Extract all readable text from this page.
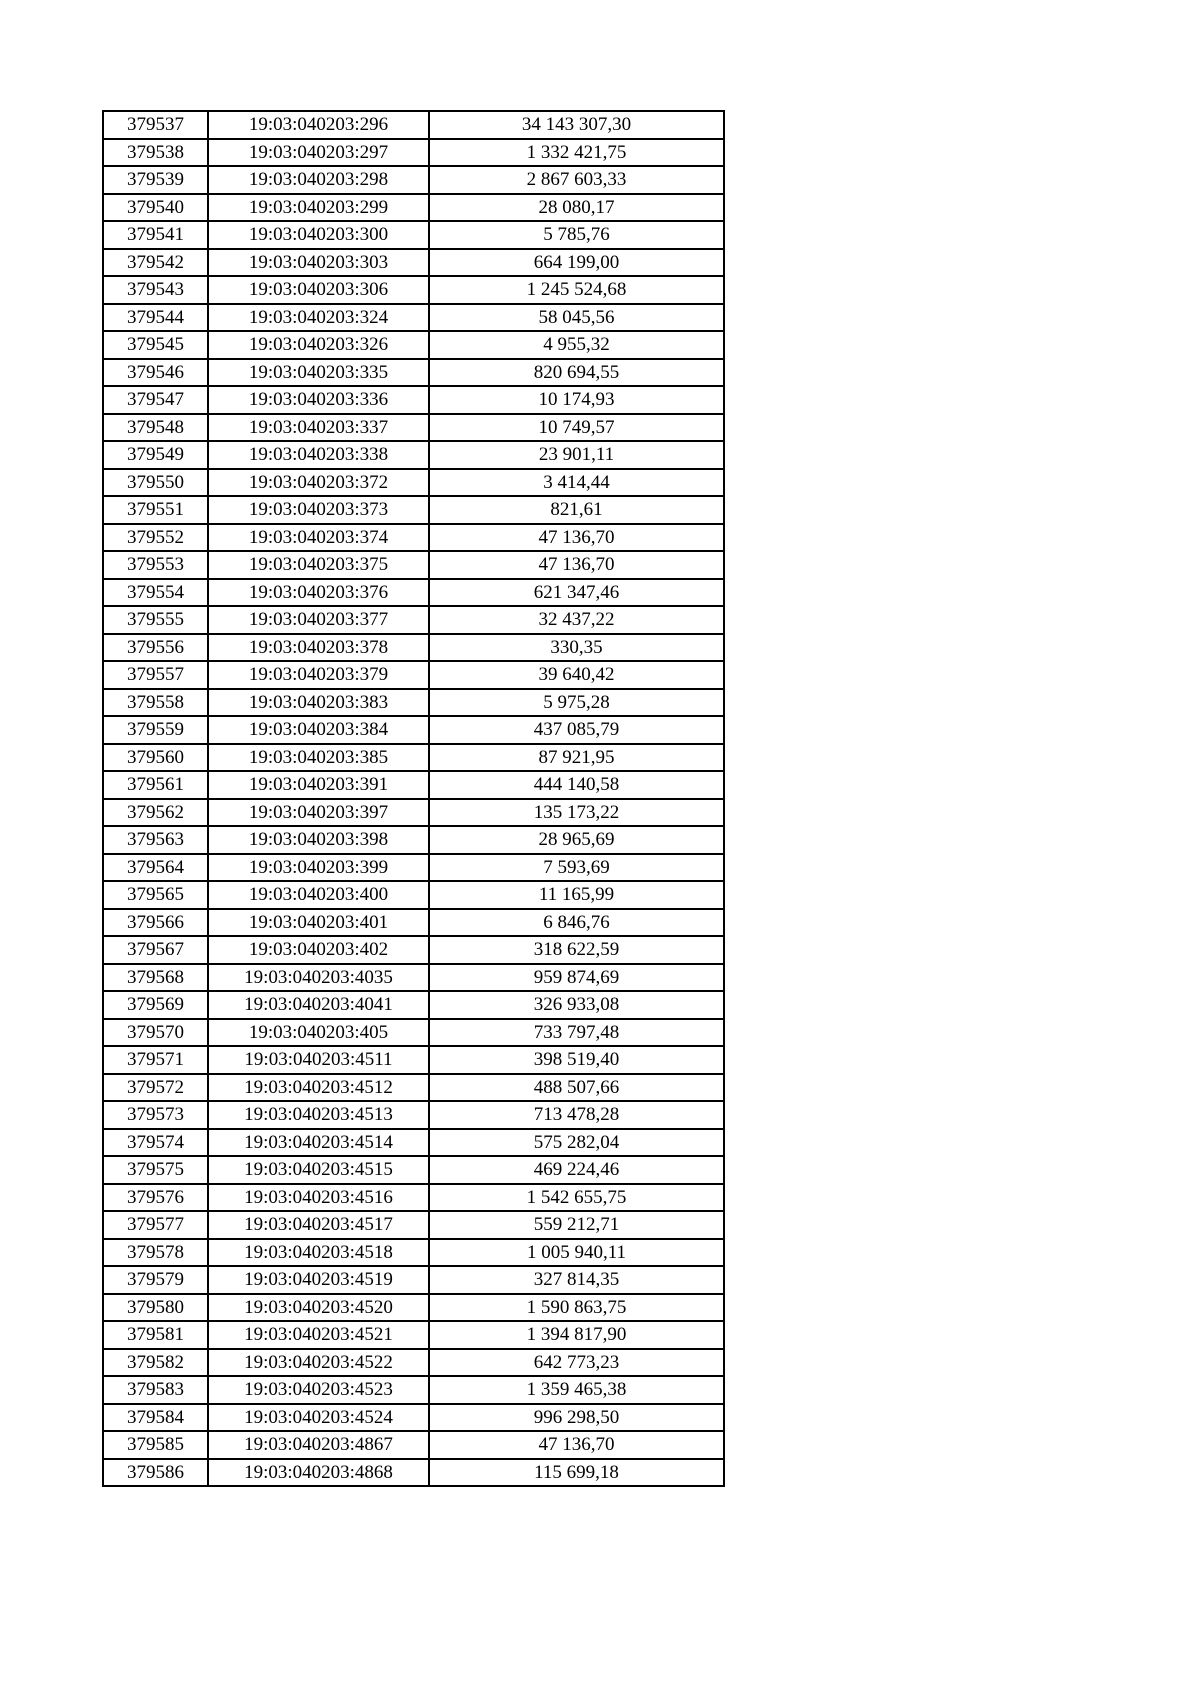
379537	19:03:040203:296	34 143 307,30
379538	19:03:040203:297	1 332 421,75
379539	19:03:040203:298	2 867 603,33
379540	19:03:040203:299	28 080,17
379541	19:03:040203:300	5 785,76
379542	19:03:040203:303	664 199,00
379543	19:03:040203:306	1 245 524,68
379544	19:03:040203:324	58 045,56
379545	19:03:040203:326	4 955,32
379546	19:03:040203:335	820 694,55
379547	19:03:040203:336	10 174,93
379548	19:03:040203:337	10 749,57
379549	19:03:040203:338	23 901,11
379550	19:03:040203:372	3 414,44
379551	19:03:040203:373	821,61
379552	19:03:040203:374	47 136,70
379553	19:03:040203:375	47 136,70
379554	19:03:040203:376	621 347,46
379555	19:03:040203:377	32 437,22
379556	19:03:040203:378	330,35
379557	19:03:040203:379	39 640,42
379558	19:03:040203:383	5 975,28
379559	19:03:040203:384	437 085,79
379560	19:03:040203:385	87 921,95
379561	19:03:040203:391	444 140,58
379562	19:03:040203:397	135 173,22
379563	19:03:040203:398	28 965,69
379564	19:03:040203:399	7 593,69
379565	19:03:040203:400	11 165,99
379566	19:03:040203:401	6 846,76
379567	19:03:040203:402	318 622,59
379568	19:03:040203:4035	959 874,69
379569	19:03:040203:4041	326 933,08
379570	19:03:040203:405	733 797,48
379571	19:03:040203:4511	398 519,40
379572	19:03:040203:4512	488 507,66
379573	19:03:040203:4513	713 478,28
379574	19:03:040203:4514	575 282,04
379575	19:03:040203:4515	469 224,46
379576	19:03:040203:4516	1 542 655,75
379577	19:03:040203:4517	559 212,71
379578	19:03:040203:4518	1 005 940,11
379579	19:03:040203:4519	327 814,35
379580	19:03:040203:4520	1 590 863,75
379581	19:03:040203:4521	1 394 817,90
379582	19:03:040203:4522	642 773,23
379583	19:03:040203:4523	1 359 465,38
379584	19:03:040203:4524	996 298,50
379585	19:03:040203:4867	47 136,70
379586	19:03:040203:4868	115 699,18
